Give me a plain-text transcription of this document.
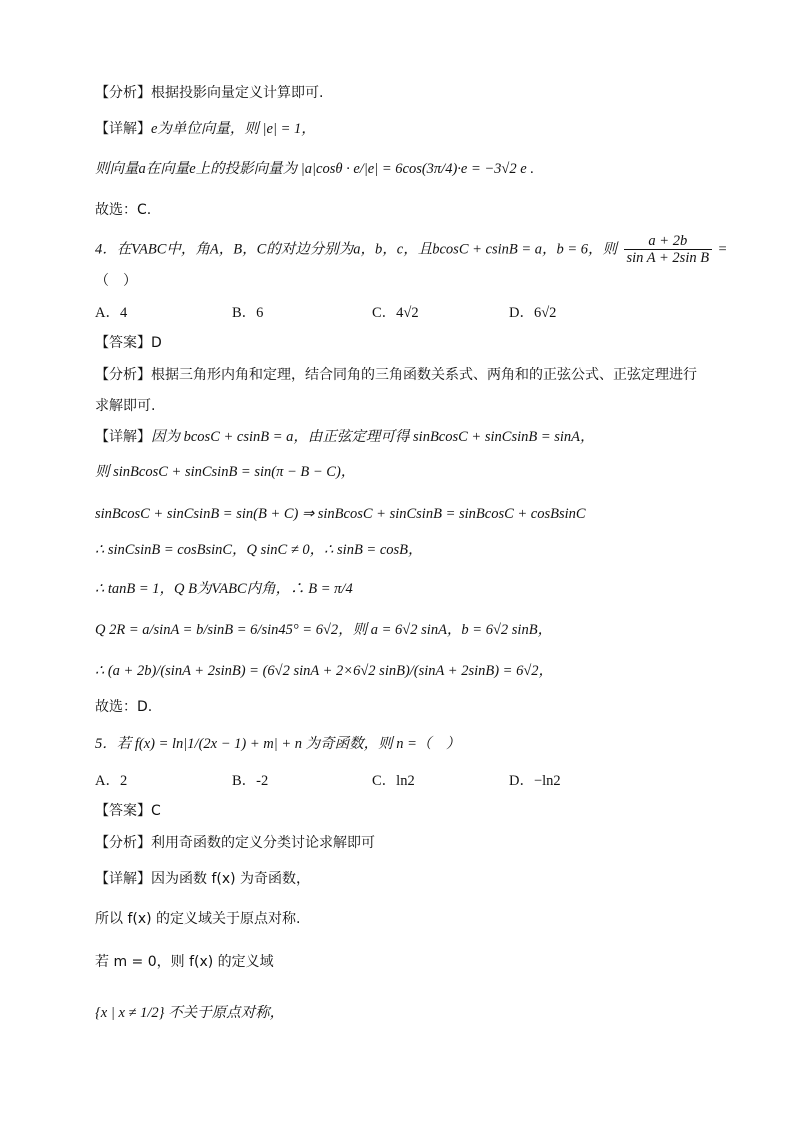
【分析】根据投影向量定义计算即可.
【详解】e为单位向量，则 |e| = 1，
则向量a在向量e上的投影向量为 |a|cosθ · e/|e| = 6cos(3π/4)·e = −3√2 e .
故选：C.
4．在VABC中，角A，B，C的对边分别为a，b，c，且bcosC + csinB = a，b = 6，则 $\frac{a + 2b}{\text{sin A + 2sin B}}$ =
（　）
A．4	B．6	C．4√2	D．6√2
【答案】D
【分析】根据三角形内角和定理，结合同角的三角函数关系式、两角和的正弦公式、正弦定理进行
求解即可.
【详解】因为 bcosC + csinB = a，由正弦定理可得 sinBcosC + sinCsinB = sinA，
则 sinBcosC + sinCsinB = sin(π − B − C)，
sinBcosC + sinCsinB = sin(B + C) ⇒ sinBcosC + sinCsinB = sinBcosC + cosBsinC
∴ sinCsinB = cosBsinC，Q sinC ≠ 0，∴ sinB = cosB，
∴ tanB = 1，Q B为VABC内角，∴ B = π/4
Q 2R = a/sinA = b/sinB = 6/sin45° = 6√2，则 a = 6√2 sinA，b = 6√2 sinB，
∴ (a + 2b)/(sinA + 2sinB) = (6√2 sinA + 2×6√2 sinB)/(sinA + 2sinB) = 6√2，
故选：D.
5．若 f(x) = ln|1/(2x − 1) + m| + n 为奇函数，则 n =（　）
A．2	B．-2	C．ln2	D．−ln2
【答案】C
【分析】利用奇函数的定义分类讨论求解即可
【详解】因为函数 f(x) 为奇函数，
所以 f(x) 的定义域关于原点对称.
若 m = 0，则 f(x) 的定义域
{x | x ≠ 1/2} 不关于原点对称，
